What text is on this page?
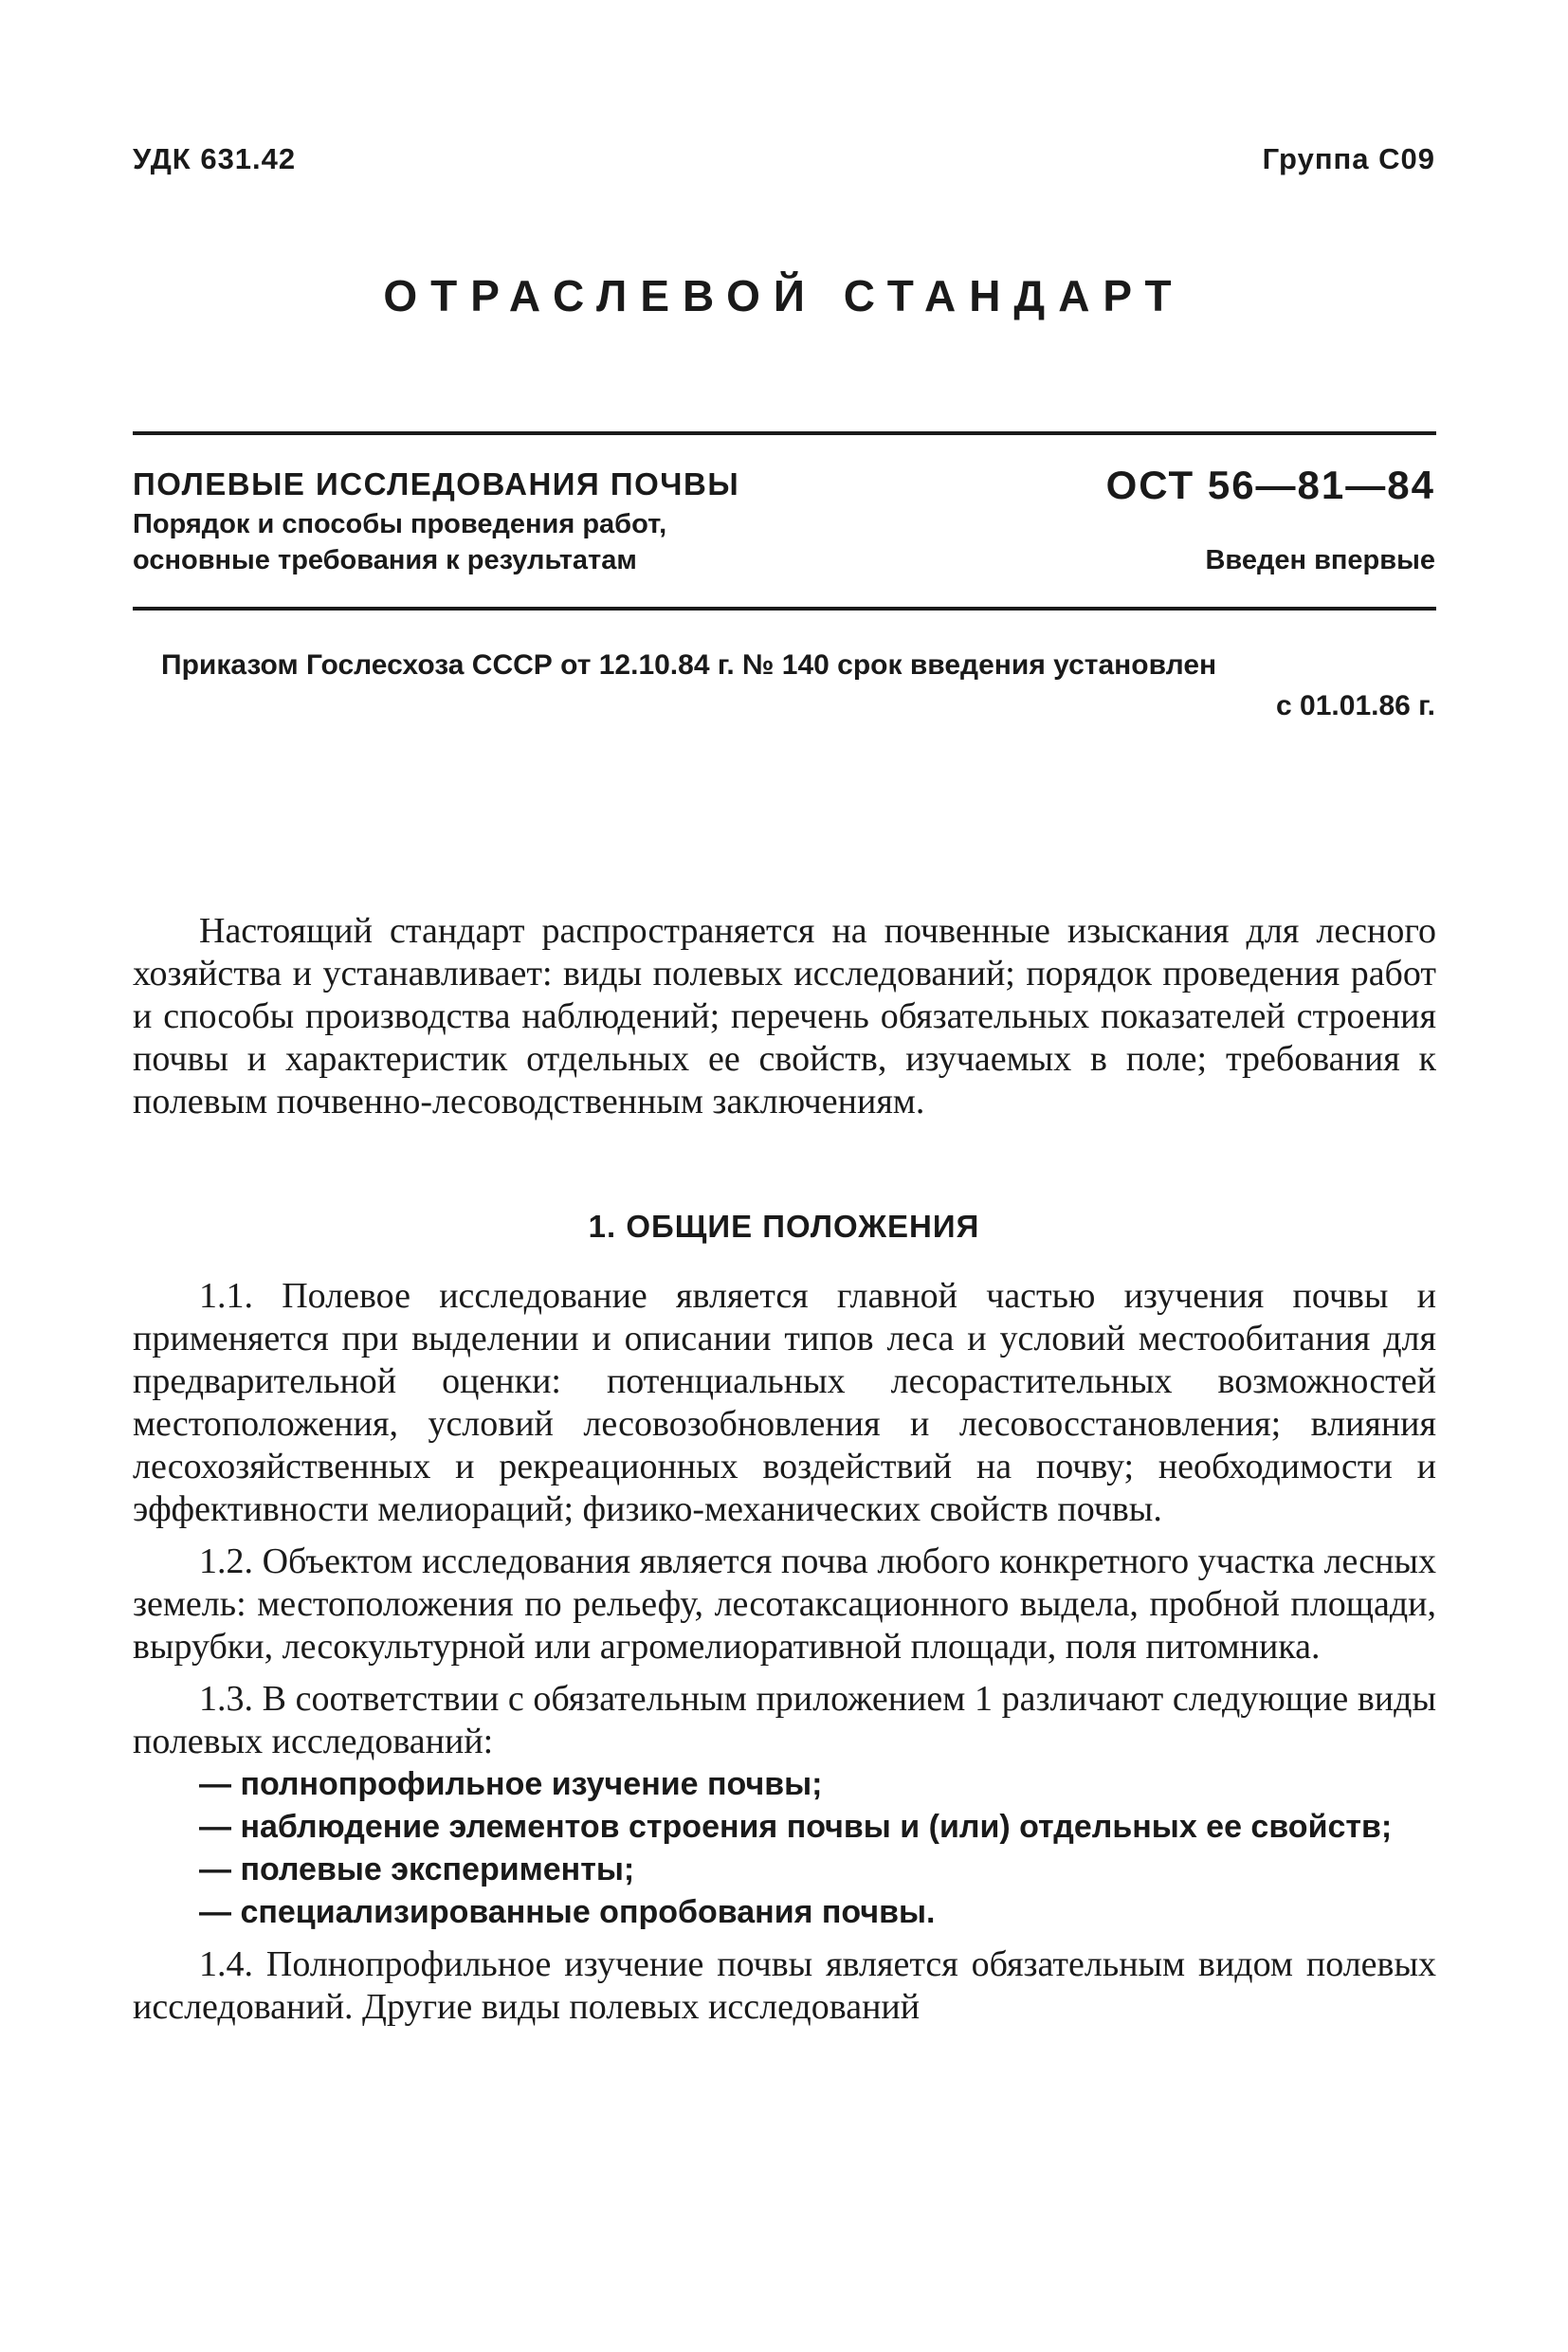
УДК 631.42	Группа С09
ОТРАСЛЕВОЙ СТАНДАРТ
ПОЛЕВЫЕ ИССЛЕДОВАНИЯ ПОЧВЫ
Порядок и способы проведения работ,
основные требования к результатам
ОСТ 56—81—84
Введен впервые
Приказом Гослесхоза СССР от 12.10.84 г. № 140 срок введения установлен
с 01.01.86 г.
Настоящий стандарт распространяется на почвенные изыскания для лесного хозяйства и устанавливает: виды полевых исследований; порядок проведения работ и способы производства наблюдений; перечень обязательных показателей строения почвы и характеристик отдельных ее свойств, изучаемых в поле; требования к полевым почвенно-лесоводственным заключениям.
1. ОБЩИЕ ПОЛОЖЕНИЯ

1.1. Полевое исследование является главной частью изучения почвы и применяется при выделении и описании типов леса и условий местообитания для предварительной оценки: потенциальных лесорастительных возможностей местоположения, условий лесовозобновления и лесовосстановления; влияния лесохозяйственных и рекреационных воздействий на почву; необходимости и эффективности мелиораций; физико-механических свойств почвы.

1.2. Объектом исследования является почва любого конкретного участка лесных земель: местоположения по рельефу, лесотаксационного выдела, пробной площади, вырубки, лесокультурной или агромелиоративной площади, поля питомника.

1.3. В соответствии с обязательным приложением 1 различают следующие виды полевых исследований:

— полнопрофильное изучение почвы;

— наблюдение элементов строения почвы и (или) отдельных ее свойств;

— полевые эксперименты;

— специализированные опробования почвы.

1.4. Полнопрофильное изучение почвы является обязательным видом полевых исследований. Другие виды полевых исследований
